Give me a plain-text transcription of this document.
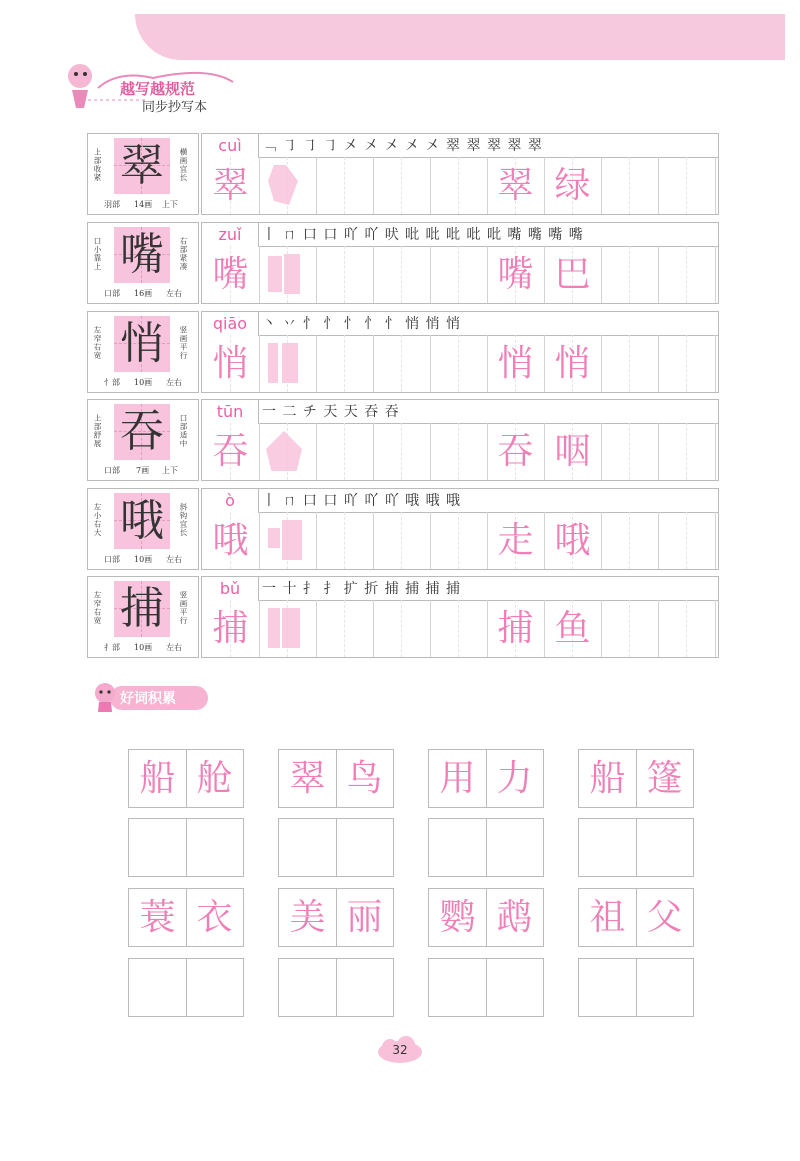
越写越规范
同步抄写本
上部收紧 翠	横画宜长
羽部 14画 上下
cuì	﹁ ㇆ ㇆ ㇆ 㐅 㐅 㐅 㐅 㐅 翠 翠 翠 翠 翠
翠	翠 绿
口小靠上 嘴	右部紧凑
口部 16画 左右
zuǐ	丨 ㄇ 口 口 吖 吖 吠 吡 吡 吡 吡 吡 嘴 嘴 嘴 嘴
嘴	嘴 巴
左窄右宽 悄	竖画平行
忄部 10画 左右
qiāo	丶 丷 忄 忄 忄 忄 忄 悄 悄 悄
悄	悄 悄
上部舒展 吞	口部适中
口部 7画 上下
tūn	一 二 チ 天 天 吞 吞
吞	吞 咽
左小右大 哦	斜钩宜长
口部 10画 左右
ò	丨 ㄇ 口 口 吖 吖 吖 哦 哦 哦
哦	走 哦
左窄右宽 捕	竖画平行
扌部 10画 左右
bǔ	一 十 扌 扌 扩 折 捕 捕 捕 捕
捕	捕 鱼
好词积累
船 舱 翠 鸟 用 力 船 篷
蓑 衣 美 丽 鹦 鹉 祖 父
32
